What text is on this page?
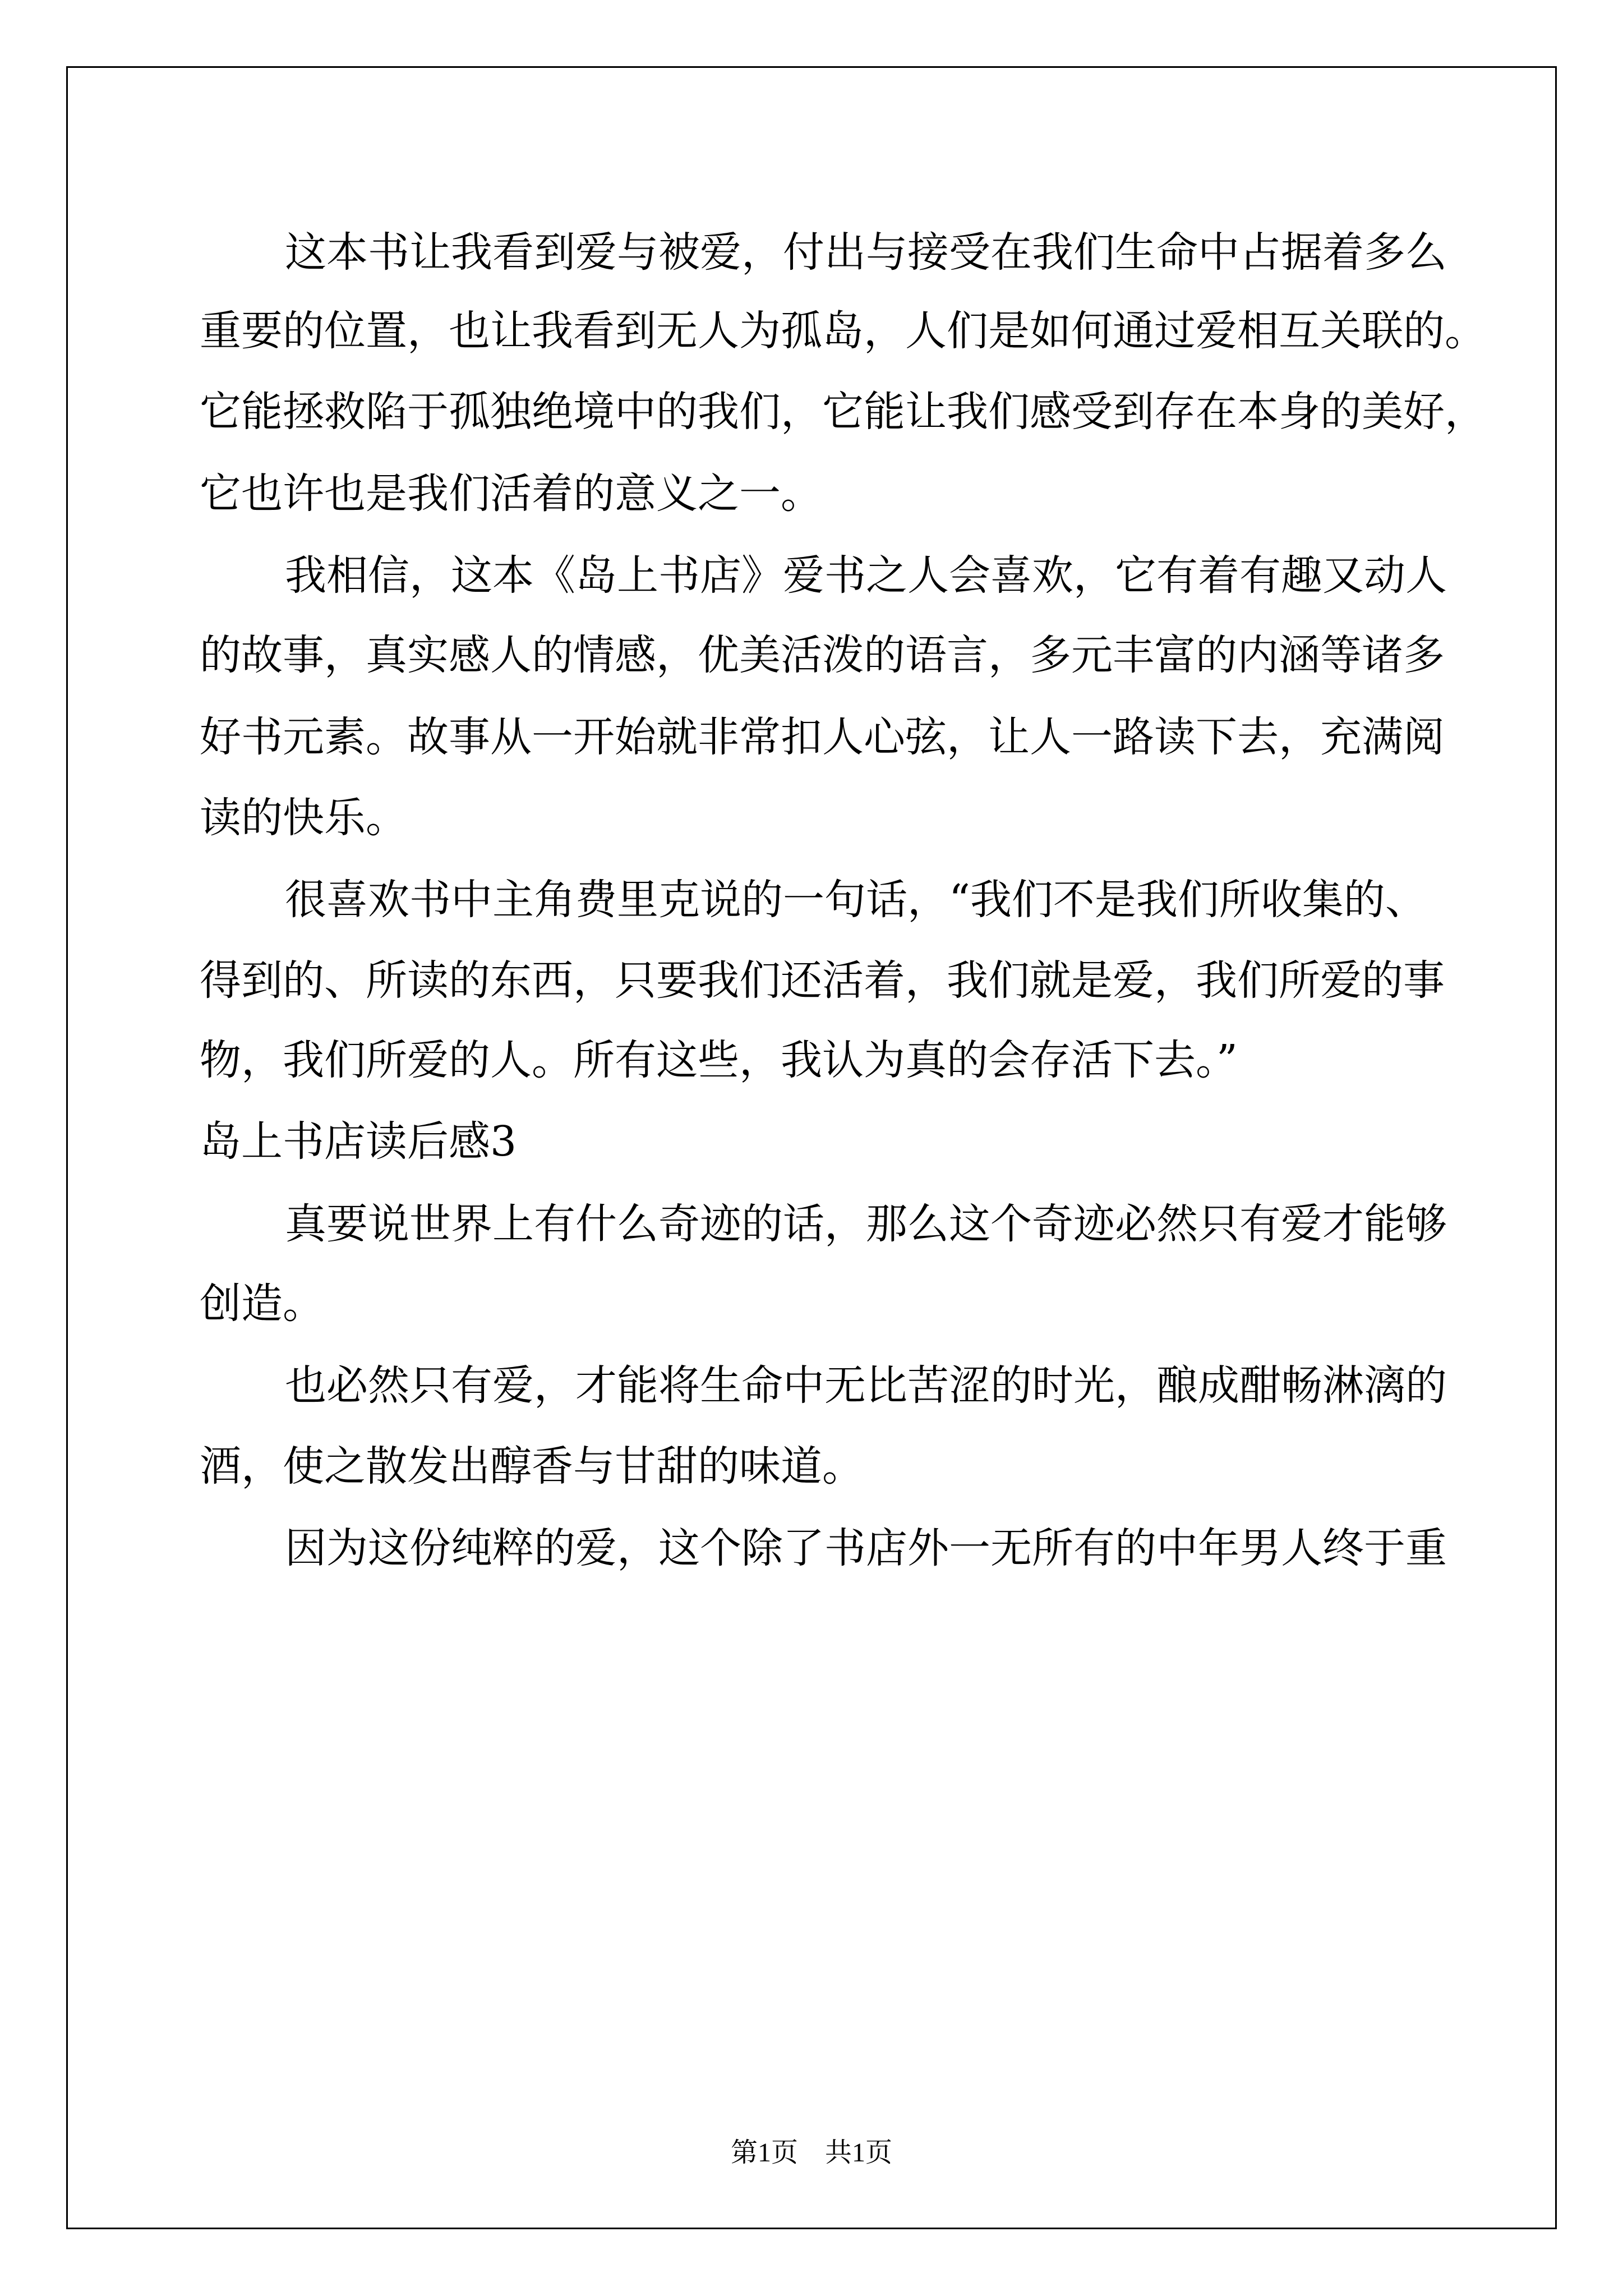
这本书让我看到爱与被爱，付出与接受在我们生命中占据着多么

重要的位置，也让我看到无人为孤岛，人们是如何通过爱相互关联的。

它能拯救陷于孤独绝境中的我们，它能让我们感受到存在本身的美好，

它也许也是我们活着的意义之一。

我相信，这本《岛上书店》爱书之人会喜欢，它有着有趣又动人

的故事，真实感人的情感，优美活泼的语言，多元丰富的内涵等诸多

好书元素。故事从一开始就非常扣人心弦，让人一路读下去，充满阅

读的快乐。

很喜欢书中主角费里克说的一句话，“我们不是我们所收集的、

得到的、所读的东西，只要我们还活着，我们就是爱，我们所爱的事

物，我们所爱的人。所有这些，我认为真的会存活下去。”

岛上书店读后感3

真要说世界上有什么奇迹的话，那么这个奇迹必然只有爱才能够

创造。

也必然只有爱，才能将生命中无比苦涩的时光，酿成酣畅淋漓的

酒，使之散发出醇香与甘甜的味道。

因为这份纯粹的爱，这个除了书店外一无所有的中年男人终于重

第1页　共1页
